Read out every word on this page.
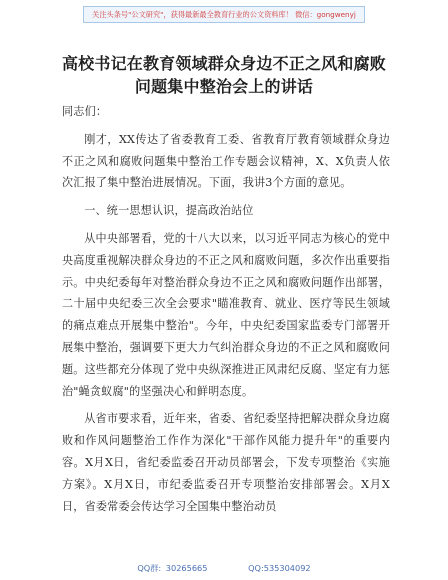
关注头条号"公文研究"，获得最新最全教育行业的公文资料库！ 微信：gongwenyj
高校书记在教育领域群众身边不正之风和腐败
问题集中整治会上的讲话

同志们：

刚才，XX传达了省委教育工委、省教育厅教育领域群众身边不正之风和腐败问题集中整治工作专题会议精神，X、X负责人依次汇报了集中整治进展情况。下面，我讲3个方面的意见。

一、统一思想认识，提高政治站位

从中央部署看，党的十八大以来，以习近平同志为核心的党中央高度重视解决群众身边的不正之风和腐败问题，多次作出重要指示。中央纪委每年对整治群众身边不正之风和腐败问题作出部署，二十届中央纪委三次全会要求"瞄准教育、就业、医疗等民生领域的痛点难点开展集中整治"。今年，中央纪委国家监委专门部署开展集中整治，强调要下更大力气纠治群众身边的不正之风和腐败问题。这些都充分体现了党中央纵深推进正风肃纪反腐、坚定有力惩治"蝇贪蚁腐"的坚强决心和鲜明态度。

从省市要求看，近年来，省委、省纪委坚持把解决群众身边腐败和作风问题整治工作作为深化"干部作风能力提升年"的重要内容。X月X日，省纪委监委召开动员部署会，下发专项整治《实施方案》。X月X日，市纪委监委召开专项整治安排部署会。X月X日，省委常委会传达学习全国集中整治动员

QQ群: 30265665	QQ:535304092
